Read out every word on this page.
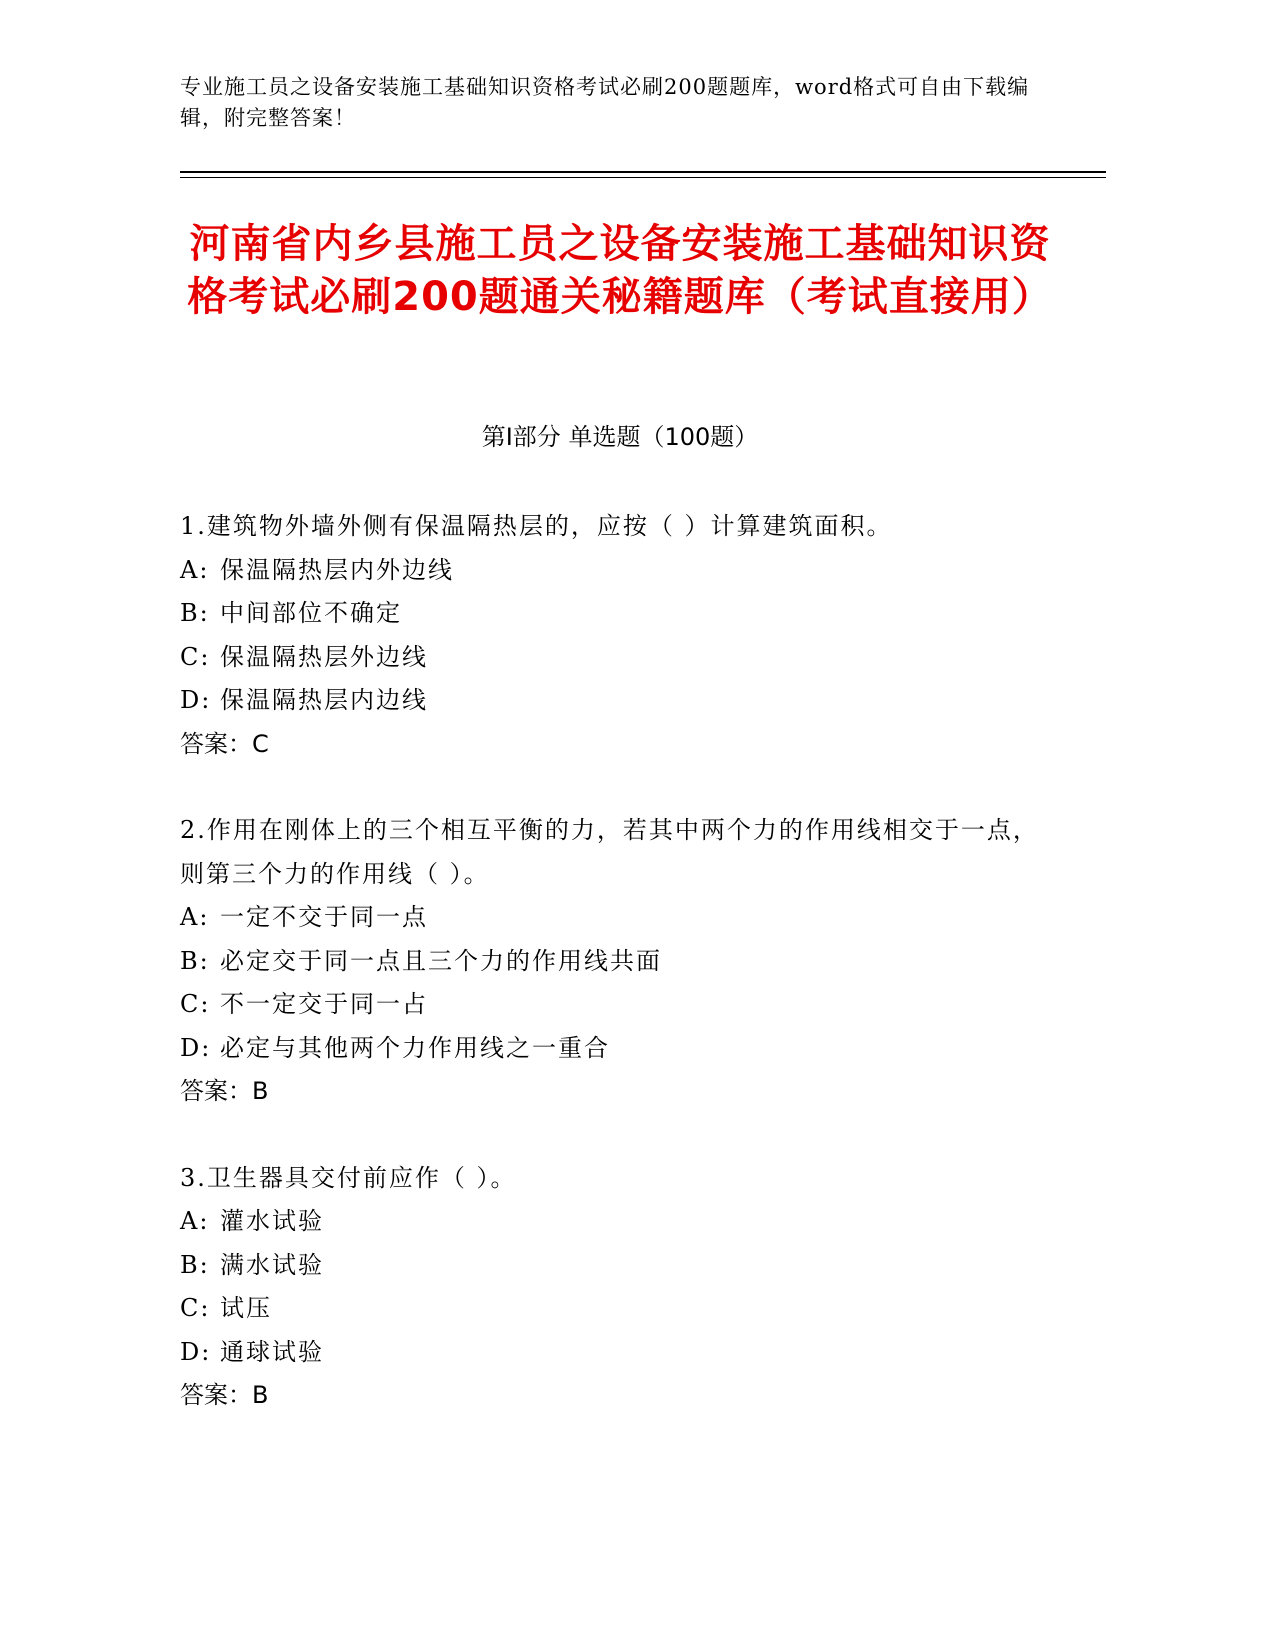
专业施工员之设备安装施工基础知识资格考试必刷200题题库，word格式可自由下载编辑，附完整答案！
河南省内乡县施工员之设备安装施工基础知识资格考试必刷200题通关秘籍题库（考试直接用）
第I部分 单选题（100题）
1.建筑物外墙外侧有保温隔热层的，应按（ ）计算建筑面积。
A: 保温隔热层内外边线
B: 中间部位不确定
C: 保温隔热层外边线
D: 保温隔热层内边线
答案：C
2.作用在刚体上的三个相互平衡的力，若其中两个力的作用线相交于一点，则第三个力的作用线（ ）。
A: 一定不交于同一点
B: 必定交于同一点且三个力的作用线共面
C: 不一定交于同一占
D: 必定与其他两个力作用线之一重合
答案：B
3.卫生器具交付前应作（ ）。
A: 灌水试验
B: 满水试验
C: 试压
D: 通球试验
答案：B
